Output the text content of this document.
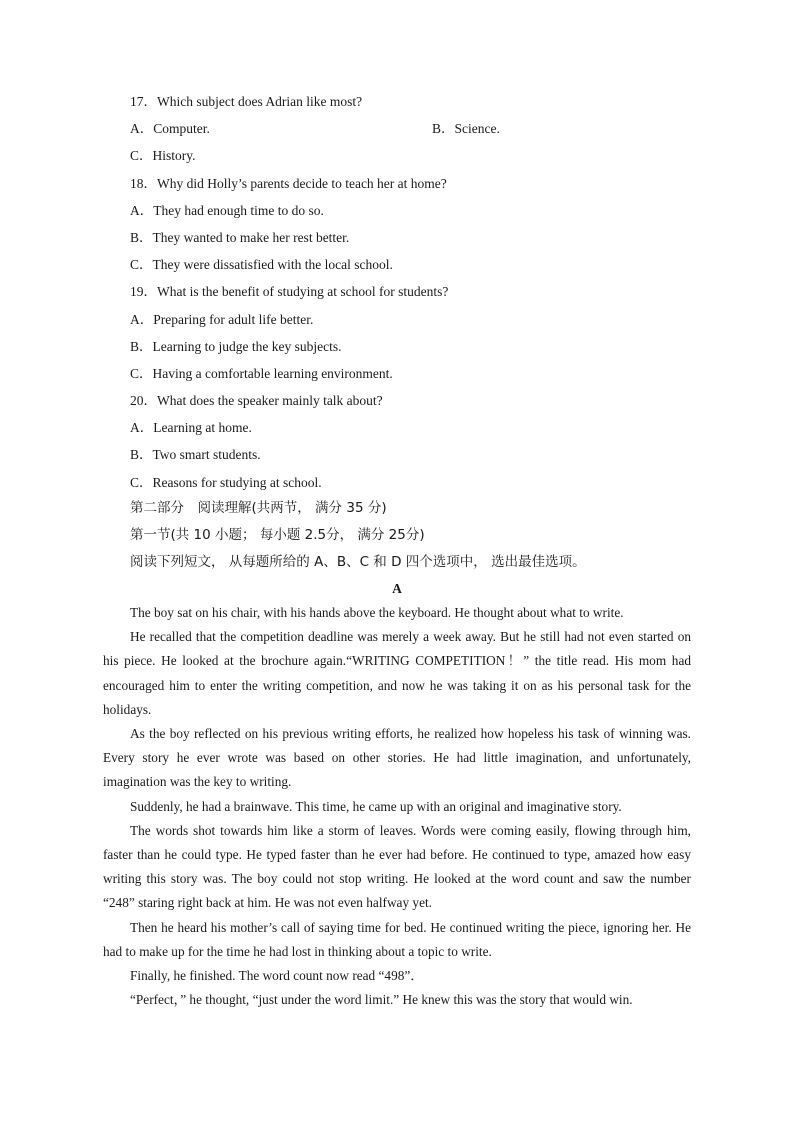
17．Which subject does Adrian like most?
A．Computer.	B．Science.
C．History.
18．Why did Holly’s parents decide to teach her at home?
A．They had enough time to do so.
B．They wanted to make her rest better.
C．They were dissatisfied with the local school.
19．What is the benefit of studying at school for students?
A．Preparing for adult life better.
B．Learning to judge the key subjects.
C．Having a comfortable learning environment.
20．What does the speaker mainly talk about?
A．Learning at home.
B．Two smart students.
C．Reasons for studying at school.
第二部分　阅读理解(共两节， 满分 35 分)
第一节(共 10 小题； 每小题 2.5分， 满分 25分)
阅读下列短文， 从每题所给的 A、B、C 和 D 四个选项中， 选出最佳选项。
A

The boy sat on his chair, with his hands above the keyboard. He thought about what to write.

He recalled that the competition deadline was merely a week away. But he still had not even started on his piece. He looked at the brochure again.“WRITING COMPETITION！” the title read. His mom had encouraged him to enter the writing competition, and now he was taking it on as his personal task for the holidays.

As the boy reflected on his previous writing efforts, he realized how hopeless his task of winning was. Every story he ever wrote was based on other stories. He had little imagination, and unfortunately, imagination was the key to writing.

Suddenly, he had a brainwave. This time, he came up with an original and imaginative story.

The words shot towards him like a storm of leaves. Words were coming easily, flowing through him, faster than he could type. He typed faster than he ever had before. He continued to type, amazed how easy writing this story was. The boy could not stop writing. He looked at the word count and saw the number “248” staring right back at him. He was not even halfway yet.

Then he heard his mother’s call of saying time for bed. He continued writing the piece, ignoring her. He had to make up for the time he had lost in thinking about a topic to write.

Finally, he finished. The word count now read “498”．

“Perfect，” he thought, “just under the word limit.” He knew this was the story that would win.
